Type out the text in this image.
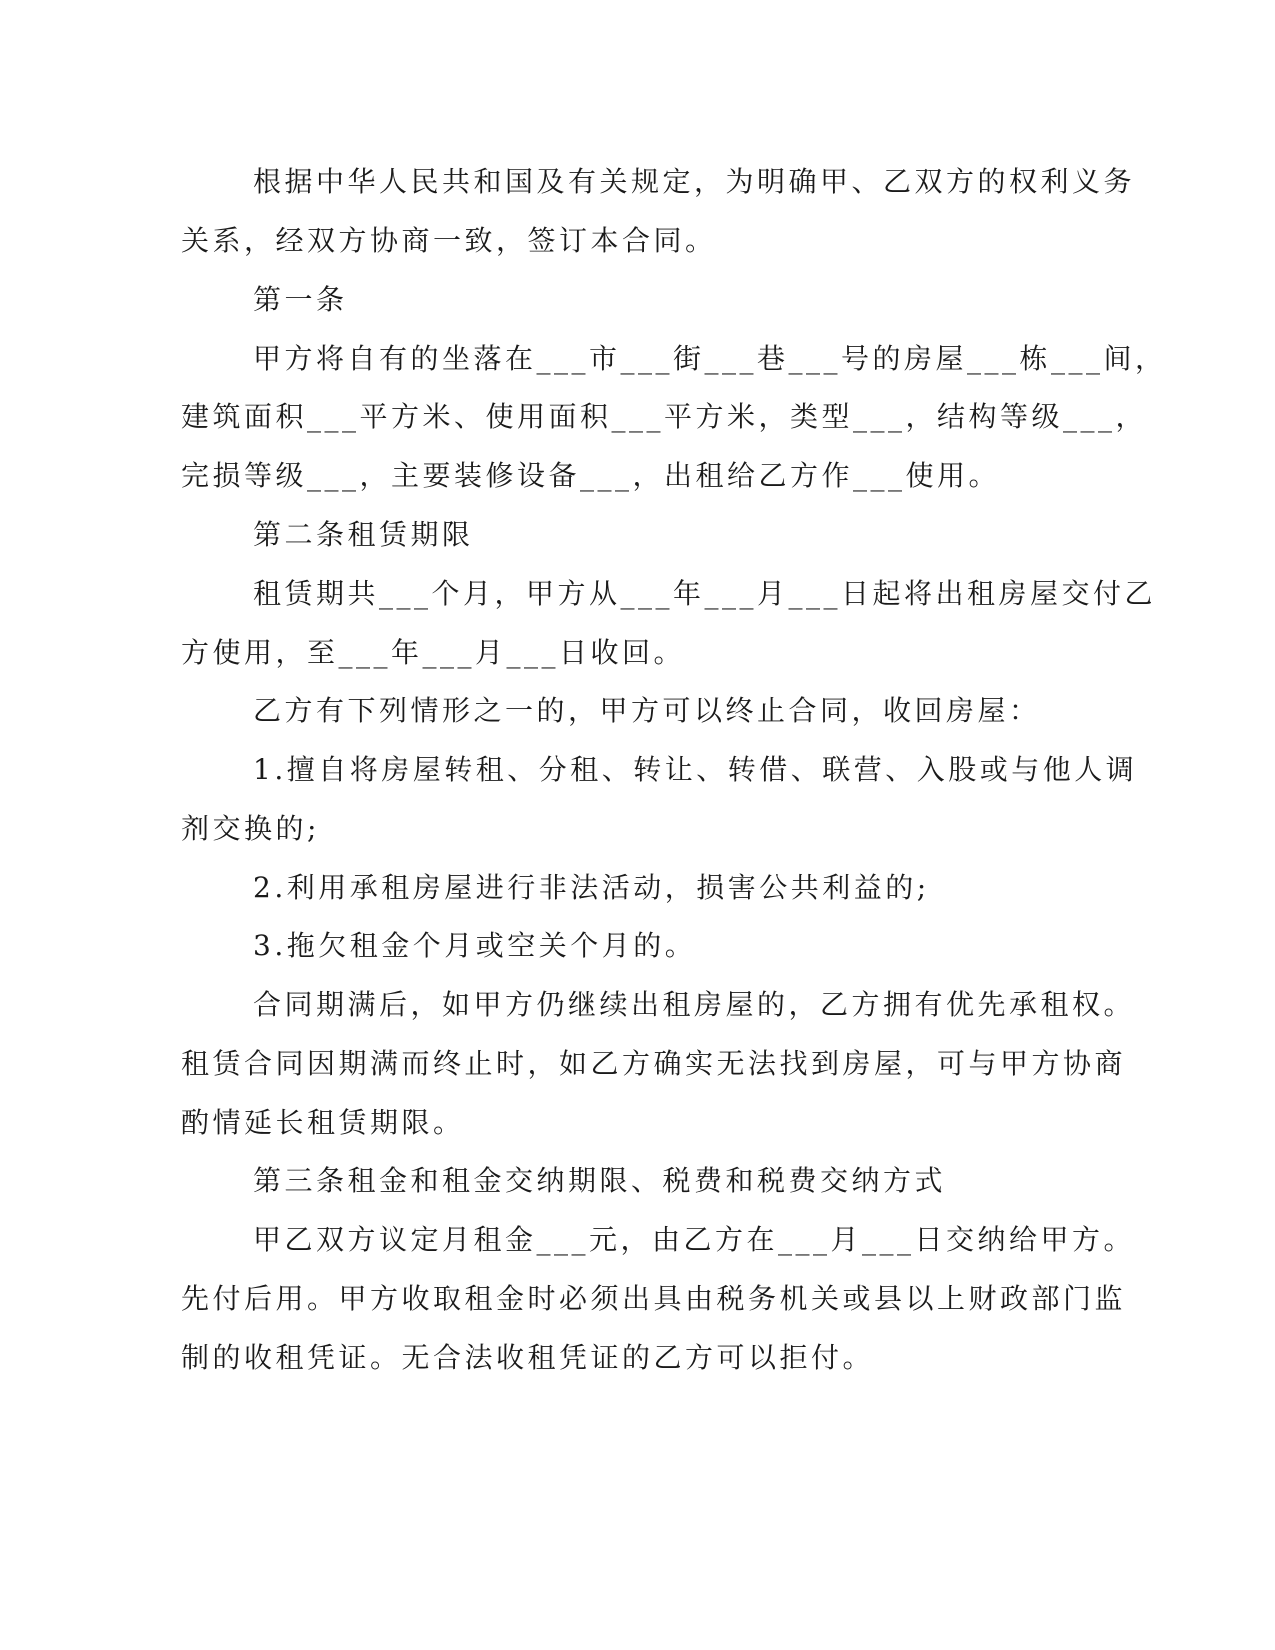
根据中华人民共和国及有关规定，为明确甲、乙双方的权利义务
关系，经双方协商一致，签订本合同。
第一条
甲方将自有的坐落在___市___街___巷___号的房屋___栋___间，
建筑面积___平方米、使用面积___平方米，类型___，结构等级___，
完损等级___，主要装修设备___，出租给乙方作___使用。
第二条租赁期限
租赁期共___个月，甲方从___年___月___日起将出租房屋交付乙
方使用，至___年___月___日收回。
乙方有下列情形之一的，甲方可以终止合同，收回房屋：
1.擅自将房屋转租、分租、转让、转借、联营、入股或与他人调
剂交换的;
2.利用承租房屋进行非法活动，损害公共利益的;
3.拖欠租金个月或空关个月的。
合同期满后，如甲方仍继续出租房屋的，乙方拥有优先承租权。
租赁合同因期满而终止时，如乙方确实无法找到房屋，可与甲方协商
酌情延长租赁期限。
第三条租金和租金交纳期限、税费和税费交纳方式
甲乙双方议定月租金___元，由乙方在___月___日交纳给甲方。
先付后用。甲方收取租金时必须出具由税务机关或县以上财政部门监
制的收租凭证。无合法收租凭证的乙方可以拒付。
